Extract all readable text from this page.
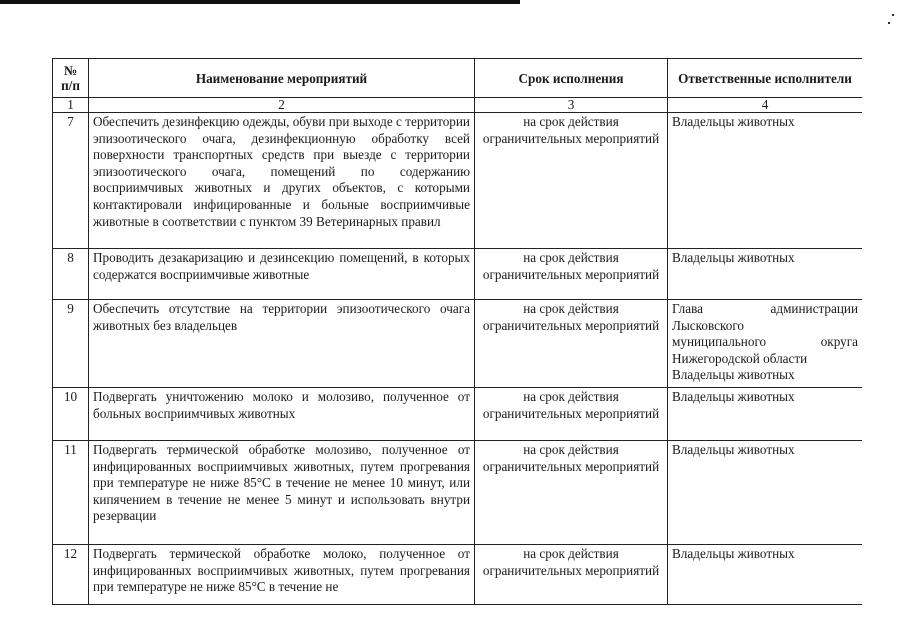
№ п/п	Наименование мероприятий	Срок исполнения	Ответственные исполнители
1	2	3	4
7	Обеспечить дезинфекцию одежды, обуви при выходе с территории эпизоотического очага, дезинфекционную обработку всей поверхности транспортных средств при выезде с территории эпизоотического очага, помещений по содержанию восприимчивых животных и других объектов, с которыми контактировали инфицированные и больные восприимчивые животные в соответствии с пунктом 39 Ветеринарных правил	на срок действия ограничительных мероприятий	Владельцы животных

8	Проводить дезакаризацию и дезинсекцию помещений, в которых содержатся восприимчивые животные	на срок действия ограничительных мероприятий	Владельцы животных

9	Обеспечить отсутствие на территории эпизоотического очага животных без владельцев	на срок действия ограничительных мероприятий	Глава администрации
Лысковского
муниципального округа
Нижегородской области
Владельцы животных

10	Подвергать уничтожению молоко и молозиво, полученное от больных восприимчивых животных	на срок действия ограничительных мероприятий	Владельцы животных

11	Подвергать термической обработке молозиво, полученное от инфицированных восприимчивых животных, путем прогревания при температуре не ниже 85°С в течение не менее 10 минут, или кипячением в течение не менее 5 минут и использовать внутри резервации	на срок действия ограничительных мероприятий	Владельцы животных

12	Подвергать термической обработке молоко, полученное от инфицированных восприимчивых животных, путем прогревания при температуре не ниже 85°С в течение не	на срок действия ограничительных мероприятий	Владельцы животных
